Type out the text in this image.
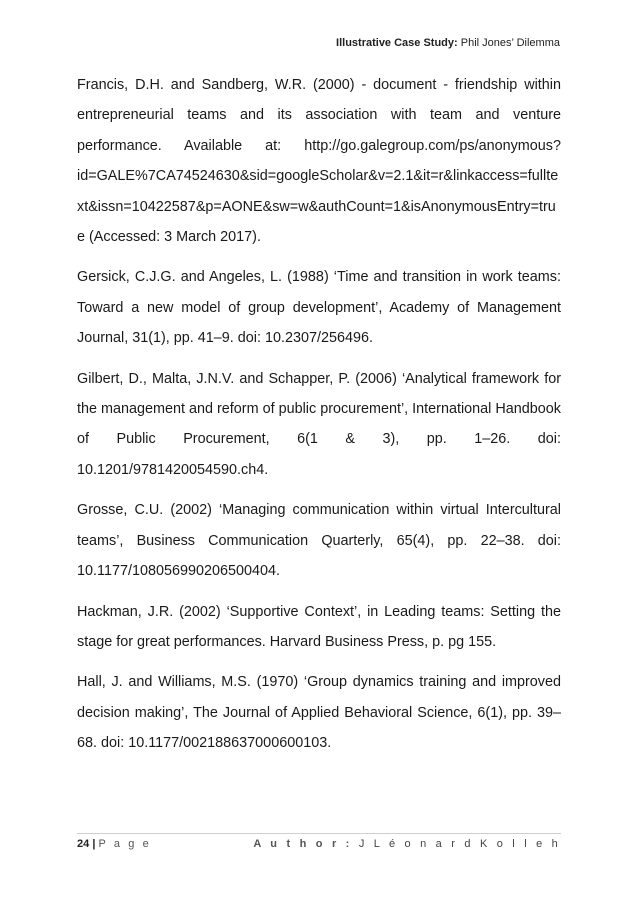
Illustrative Case Study: Phil Jones’ Dilemma

Francis, D.H. and Sandberg, W.R. (2000) - document - friendship within entrepreneurial teams and its association with team and venture performance. Available at: http://go.galegroup.com/ps/anonymous?id=GALE%7CA74524630&sid=googleScholar&v=2.1&it=r&linkaccess=fulltext&issn=10422587&p=AONE&sw=w&authCount=1&isAnonymousEntry=true (Accessed: 3 March 2017).

Gersick, C.J.G. and Angeles, L. (1988) ‘Time and transition in work teams: Toward a new model of group development’, Academy of Management Journal, 31(1), pp. 41–9. doi: 10.2307/256496.

Gilbert, D., Malta, J.N.V. and Schapper, P. (2006) ‘Analytical framework for the management and reform of public procurement’, International Handbook of Public Procurement, 6(1 & 3), pp. 1–26. doi: 10.1201/9781420054590.ch4.

Grosse, C.U. (2002) ‘Managing communication within virtual Intercultural teams’, Business Communication Quarterly, 65(4), pp. 22–38. doi: 10.1177/108056990206500404.

Hackman, J.R. (2002) ‘Supportive Context’, in Leading teams: Setting the stage for great performances. Harvard Business Press, p. pg 155.

Hall, J. and Williams, M.S. (1970) ‘Group dynamics training and improved decision making’, The Journal of Applied Behavioral Science, 6(1), pp. 39–68. doi: 10.1177/002188637000600103.

24 | P a g e	A u t h o r : J L é o n a r d K o l l e h
